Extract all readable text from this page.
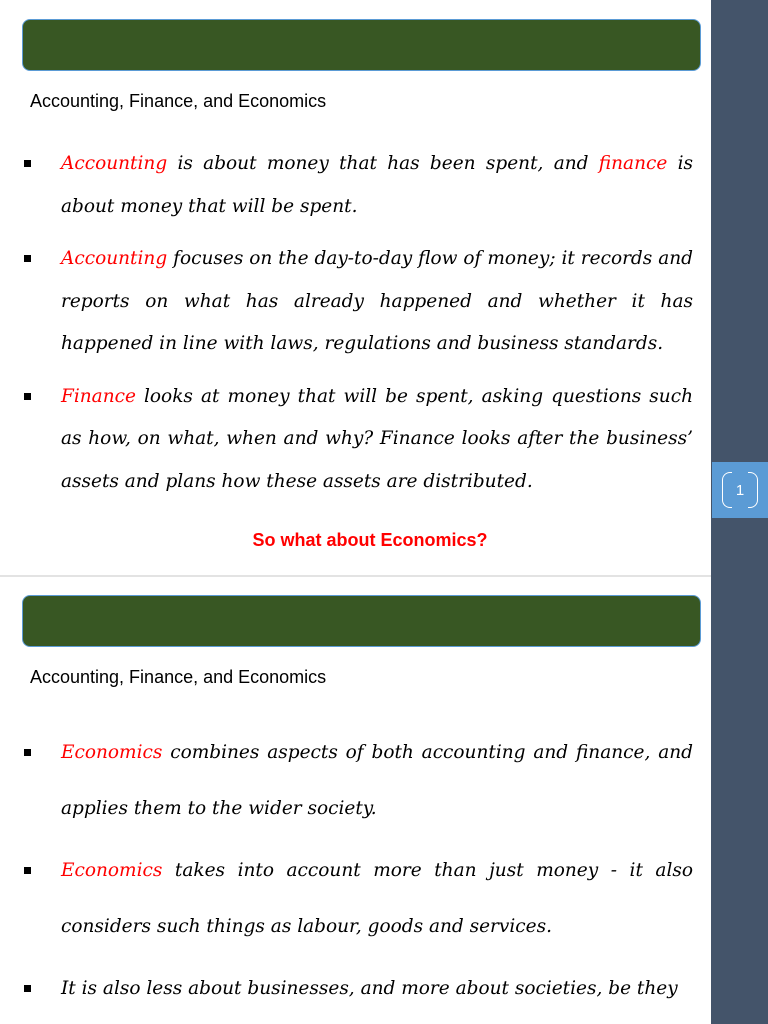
1
Accounting, Finance, and Economics
Accounting is about money that has been spent, and finance is about money that will be spent.
Accounting focuses on the day-to-day flow of money; it records and reports on what has already happened and whether it has happened in line with laws, regulations and business standards.
Finance looks at money that will be spent, asking questions such as how, on what, when and why? Finance looks after the business’ assets and plans how these assets are distributed.
So what about Economics?
Accounting, Finance, and Economics
Economics combines aspects of both accounting and finance, and applies them to the wider society.
Economics takes into account more than just money - it also considers such things as labour, goods and services.
It is also less about businesses, and more about societies, be they
